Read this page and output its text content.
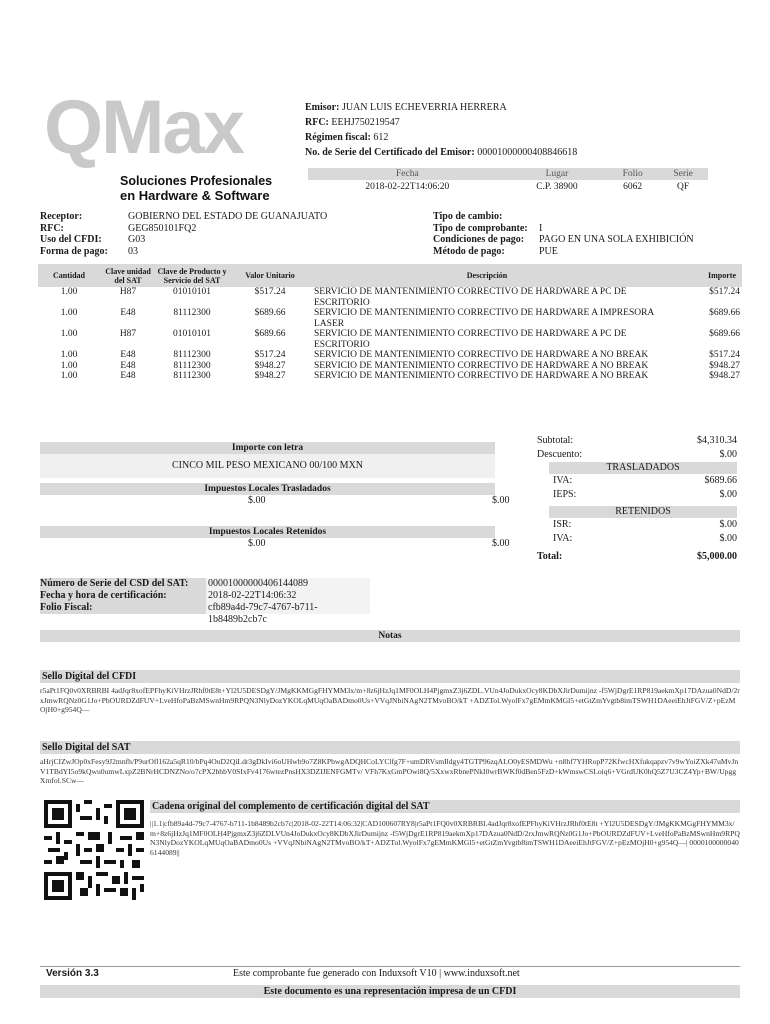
QMax
Soluciones Profesionales
en Hardware & Software
Emisor: JUAN LUIS ECHEVERRIA HERRERA
RFC: EEHJ750219547
Régimen fiscal: 612
No. de Serie del Certificado del Emisor: 00001000000408846618
Fecha	Lugar	Folio	Serie
2018-02-22T14:06:20	C.P. 38900	6062	QF
Receptor:	GOBIERNO DEL ESTADO DE GUANAJUATO
RFC:	GEG850101FQ2
Uso del CFDI:	G03
Forma de pago:	03
Tipo de cambio:
Tipo de comprobante:	I
Condiciones de pago:	PAGO EN UNA SOLA EXHIBICIÓN
Método de pago:	PUE
Cantidad	Clave unidad del SAT	Clave de Producto y Servicio del SAT	Valor Unitario	Descripción	Importe
1.00	H87	01010101	$517.24	SERVICIO DE MANTENIMIENTO CORRECTIVO DE HARDWARE A PC DE ESCRITORIO	$517.24
1.00	E48	81112300	$689.66	SERVICIO DE MANTENIMIENTO CORRECTIVO DE HARDWARE A IMPRESORA LASER	$689.66
1.00	H87	01010101	$689.66	SERVICIO DE MANTENIMIENTO CORRECTIVO DE HARDWARE A PC DE ESCRITORIO	$689.66
1.00	E48	81112300	$517.24	SERVICIO DE MANTENIMIENTO CORRECTIVO DE HARDWARE A NO BREAK	$517.24
1.00	E48	81112300	$948.27	SERVICIO DE MANTENIMIENTO CORRECTIVO DE HARDWARE A NO BREAK	$948.27
1.00	E48	81112300	$948.27	SERVICIO DE MANTENIMIENTO CORRECTIVO DE HARDWARE A NO BREAK	$948.27
Importe con letra
CINCO MIL PESO MEXICANO 00/100 MXN
Impuestos Locales Trasladados
$.00	$.00
Impuestos Locales Retenidos
$.00	$.00
Subtotal:	$4,310.34
Descuento:	$.00
TRASLADADOS
IVA:	$689.66
IEPS:	$.00
RETENIDOS
ISR:	$.00
IVA:	$.00
Total:	$5,000.00
Número de Serie del CSD del SAT:	00001000000406144089
Fecha y hora de certificación:	2018-02-22T14:06:32
Folio Fiscal:	cfb89a4d-79c7-4767-b711-1b8489b2cb7c
Notas
Sello Digital del CFDI
r5aPt1FQ0v0XRBRBI 4adJqr8xofEPFhyKiVHrzJRhf0tE8t+Yl2U5DESDgY/JMgKKMGgFHYMM3x/m+8z6jHzJq1MF0OLH4PjgmxZ3j6ZDL.VUn4JoDukxOcy8KDbXJirDumijnz -f5WjDgrE1RP819aekmXp17DAzua0NdD/2rxJmwRQNz0G1Jo+PbOURDZdFUV+LveHfoPaBzMSwnHm9RPQN3NlyDozYKOLqMUqOaBADmo0Us+VVqJNbiNAgN2TMvoBO/kT +ADZTol.WyolFx7gEMmKMGl5+etGtZmYvgtb8imTSWH1DAeeiEhJtFGV/Z+pEzMOjH0+g954Q—
Sello Digital del SAT
aHrjCIZwJOp0xFesy9J2mnfh/P9urOfl162a5qR10/bPq4OuD2QiLdr3gDkIvi6oUHwb9o7Z8KPbwgADQHCoLYClfg7F+umDRVsmIldgy4TGTP96zqALO0yESMDWu +n8hf7YHRopP72KfwcHXfukqapzv7v9wYoiZXk47uMvJnV1TBdYI5o9kQwu0umwLxpZ2BNrHCDNZNo/o7cPX2bhbV0SIxFv4176wtezPnsHX3DZIJENFGMTv/ VFh7KxGmPOwi8Q/5XxwxRbnePNkI0wrBWKf0dBen5FzD+kWmswCSLoiq6+VGrdUK0hQ5Z7U3CZ4Yp+BW/UpggXmfol.SCw—
Cadena original del complemento de certificación digital del SAT
||1.1|cfb89a4d-79c7-4767-b711-1b8489b2cb7c|2018-02-22T14:06:32|CAD100607RY8|r5aPt1FQ0v0XRBRBI.4adJqr8xofEPFhyKiVHrzJRhf0tE8t +Yl2U5DESDgY/JMgKKMGgFHYMM3x/m+8z6jHzJq1MF0OLH4PjgmxZ3j6ZDLVUn4JoDukxOcy8KDbXJirDumijnz -f5WjDgrE1RP819aekmXp17DAzua0NdD/2rxJmwRQNz0G1Jo+PbOURDZdFUV+LveHfoPaBzMSwnHm9RPQN3NlyDozYKOLqMUqOaBADmo0Us +VVqJNbiNAgN2TMvoBO/kT+ADZTol.WyolFx7gEMmKMGl5+etGtZmYvgtb8imTSWH1DAeeiEhJtFGV/Z+pEzMOjH0+g954Q—| 00001000000406144089||
Versión 3.3	Este comprobante fue generado con Induxsoft V10 | www.induxsoft.net
Este documento es una representación impresa de un CFDI
